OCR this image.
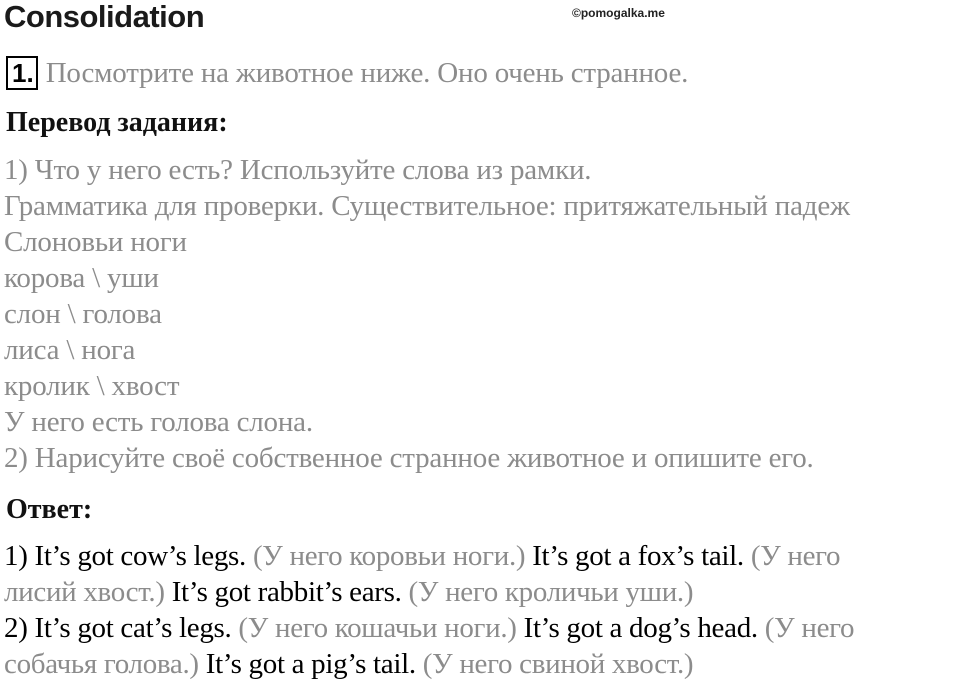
Consolidation	©pomogalka.me
1. Посмотрите на животное ниже. Оно очень странное.
Перевод задания:
1) Что у него есть? Используйте слова из рамки.
Грамматика для проверки. Существительное: притяжательный падеж
Слоновьи ноги
корова \ уши
слон \ голова
лиса \ нога
кролик \ хвост
У него есть голова слона.
2) Нарисуйте своё собственное странное животное и опишите его.
Ответ:
1) It’s got cow’s legs. (У него коровьи ноги.) It’s got a fox’s tail. (У него
лисий хвост.) It’s got rabbit’s ears. (У него кроличьи уши.)
2) It’s got cat’s legs. (У него кошачьи ноги.) It’s got a dog’s head. (У него
собачья голова.) It’s got a pig’s tail. (У него свиной хвост.)
